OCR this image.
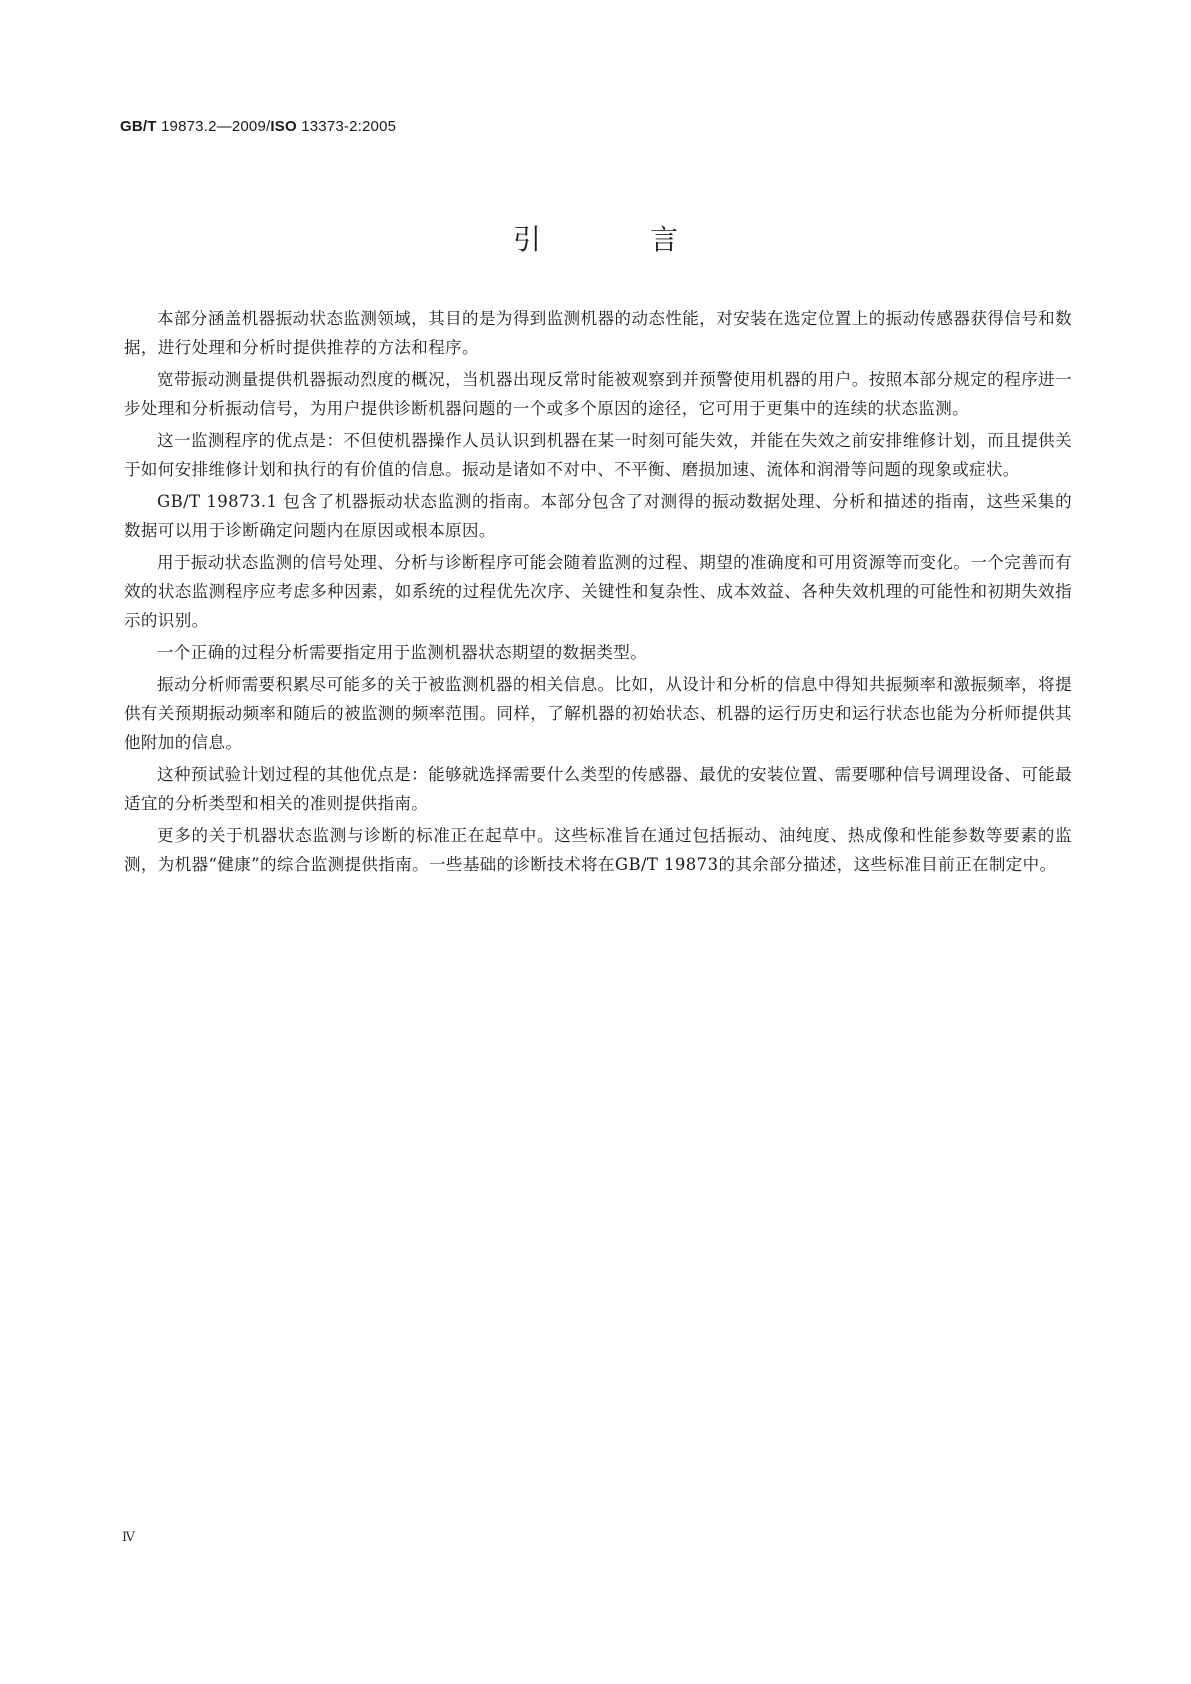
GB/T 19873.2—2009/ISO 13373-2:2005
引 言

本部分涵盖机器振动状态监测领域，其目的是为得到监测机器的动态性能，对安装在选定位置上的振动传感器获得信号和数据，进行处理和分析时提供推荐的方法和程序。

宽带振动测量提供机器振动烈度的概况，当机器出现反常时能被观察到并预警使用机器的用户。按照本部分规定的程序进一步处理和分析振动信号，为用户提供诊断机器问题的一个或多个原因的途径，它可用于更集中的连续的状态监测。

这一监测程序的优点是：不但使机器操作人员认识到机器在某一时刻可能失效，并能在失效之前安排维修计划，而且提供关于如何安排维修计划和执行的有价值的信息。振动是诸如不对中、不平衡、磨损加速、流体和润滑等问题的现象或症状。

GB/T 19873.1 包含了机器振动状态监测的指南。本部分包含了对测得的振动数据处理、分析和描述的指南，这些采集的数据可以用于诊断确定问题内在原因或根本原因。

用于振动状态监测的信号处理、分析与诊断程序可能会随着监测的过程、期望的准确度和可用资源等而变化。一个完善而有效的状态监测程序应考虑多种因素，如系统的过程优先次序、关键性和复杂性、成本效益、各种失效机理的可能性和初期失效指示的识别。

一个正确的过程分析需要指定用于监测机器状态期望的数据类型。

振动分析师需要积累尽可能多的关于被监测机器的相关信息。比如，从设计和分析的信息中得知共振频率和激振频率，将提供有关预期振动频率和随后的被监测的频率范围。同样，了解机器的初始状态、机器的运行历史和运行状态也能为分析师提供其他附加的信息。

这种预试验计划过程的其他优点是：能够就选择需要什么类型的传感器、最优的安装位置、需要哪种信号调理设备、可能最适宜的分析类型和相关的准则提供指南。

更多的关于机器状态监测与诊断的标准正在起草中。这些标准旨在通过包括振动、油纯度、热成像和性能参数等要素的监测，为机器“健康”的综合监测提供指南。一些基础的诊断技术将在GB/T 19873的其余部分描述，这些标准目前正在制定中。

Ⅳ
